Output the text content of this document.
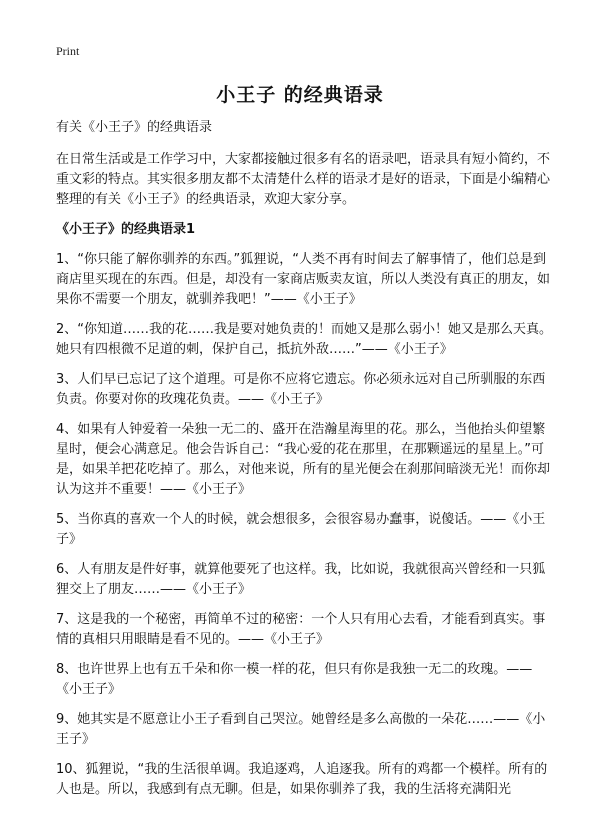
Print
小王子 的经典语录

有关《小王子》的经典语录

在日常生活或是工作学习中，大家都接触过很多有名的语录吧，语录具有短小简约，不重文彩的特点。其实很多朋友都不太清楚什么样的语录才是好的语录，下面是小编精心整理的有关《小王子》的经典语录，欢迎大家分享。

《小王子》的经典语录1

1、“你只能了解你驯养的东西。”狐狸说，“人类不再有时间去了解事情了，他们总是到商店里买现在的东西。但是，却没有一家商店贩卖友谊，所以人类没有真正的朋友，如果你不需要一个朋友，就驯养我吧！”——《小王子》

2、“你知道……我的花……我是要对她负责的！而她又是那么弱小！她又是那么天真。她只有四根微不足道的刺，保护自己，抵抗外敌……”——《小王子》

3、人们早已忘记了这个道理。可是你不应将它遗忘。你必须永远对自己所驯服的东西负责。你要对你的玫瑰花负责。——《小王子》

4、如果有人钟爱着一朵独一无二的、盛开在浩瀚星海里的花。那么，当他抬头仰望繁星时，便会心满意足。他会告诉自己：“我心爱的花在那里，在那颗遥远的星星上。”可是，如果羊把花吃掉了。那么，对他来说，所有的星光便会在刹那间暗淡无光！而你却认为这并不重要！——《小王子》

5、当你真的喜欢一个人的时候，就会想很多，会很容易办蠢事，说傻话。——《小王子》

6、人有朋友是件好事，就算他要死了也这样。我，比如说，我就很高兴曾经和一只狐狸交上了朋友……——《小王子》

7、这是我的一个秘密，再简单不过的秘密：一个人只有用心去看，才能看到真实。事情的真相只用眼睛是看不见的。——《小王子》

8、也许世界上也有五千朵和你一模一样的花，但只有你是我独一无二的玫瑰。——《小王子》

9、她其实是不愿意让小王子看到自己哭泣。她曾经是多么高傲的一朵花……——《小王子》

10、狐狸说，“我的生活很单调。我追逐鸡，人追逐我。所有的鸡都一个模样。所有的人也是。所以，我感到有点无聊。但是，如果你驯养了我，我的生活将充满阳光
